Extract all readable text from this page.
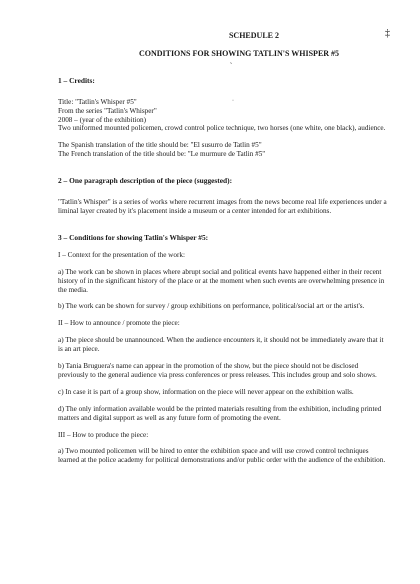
‡
˜
·

SCHEDULE 2

CONDITIONS FOR SHOWING TATLIN'S WHISPER #5

1 – Credits:

Title: "Tatlin's Whisper #5"

From the series "Tatlin's Whisper"

2008 – (year of the exhibition)

Two uniformed mounted policemen, crowd control police technique, two horses (one white, one black), audience.

The Spanish translation of the title should be: "El susurro de Tatlin #5"

The French translation of the title should be: "Le murmure de Tatlin #5"

2 – One paragraph description of the piece (suggested):

"Tatlin's Whisper" is a series of works where recurrent images from the news become real life experiences under a liminal layer created by it's placement inside a museum or a center intended for art exhibitions.

3 – Conditions for showing Tatlin's Whisper #5:

I – Context for the presentation of the work:

a) The work can be shown in places where abrupt social and political events have happened either in their recent history of in the significant history of the place or at the moment when such events are overwhelming presence in the media.

b) The work can be shown for survey / group exhibitions on performance, political/social art or the artist's.

II – How to announce / promote the piece:

a) The piece should be unannounced. When the audience encounters it, it should not be immediately aware that it is an art piece.

b) Tania Bruguera's name can appear in the promotion of the show, but the piece should not be disclosed previously to the general audience via press conferences or press releases. This includes group and solo shows.

c) In case it is part of a group show, information on the piece will never appear on the exhibition walls.

d) The only information available would be the printed materials resulting from the exhibition, including printed matters and digital support as well as any future form of promoting the event.

III – How to produce the piece:

a) Two mounted policemen will be hired to enter the exhibition space and will use crowd control techniques learned at the police academy for political demonstrations and/or public order with the audience of the exhibition.
